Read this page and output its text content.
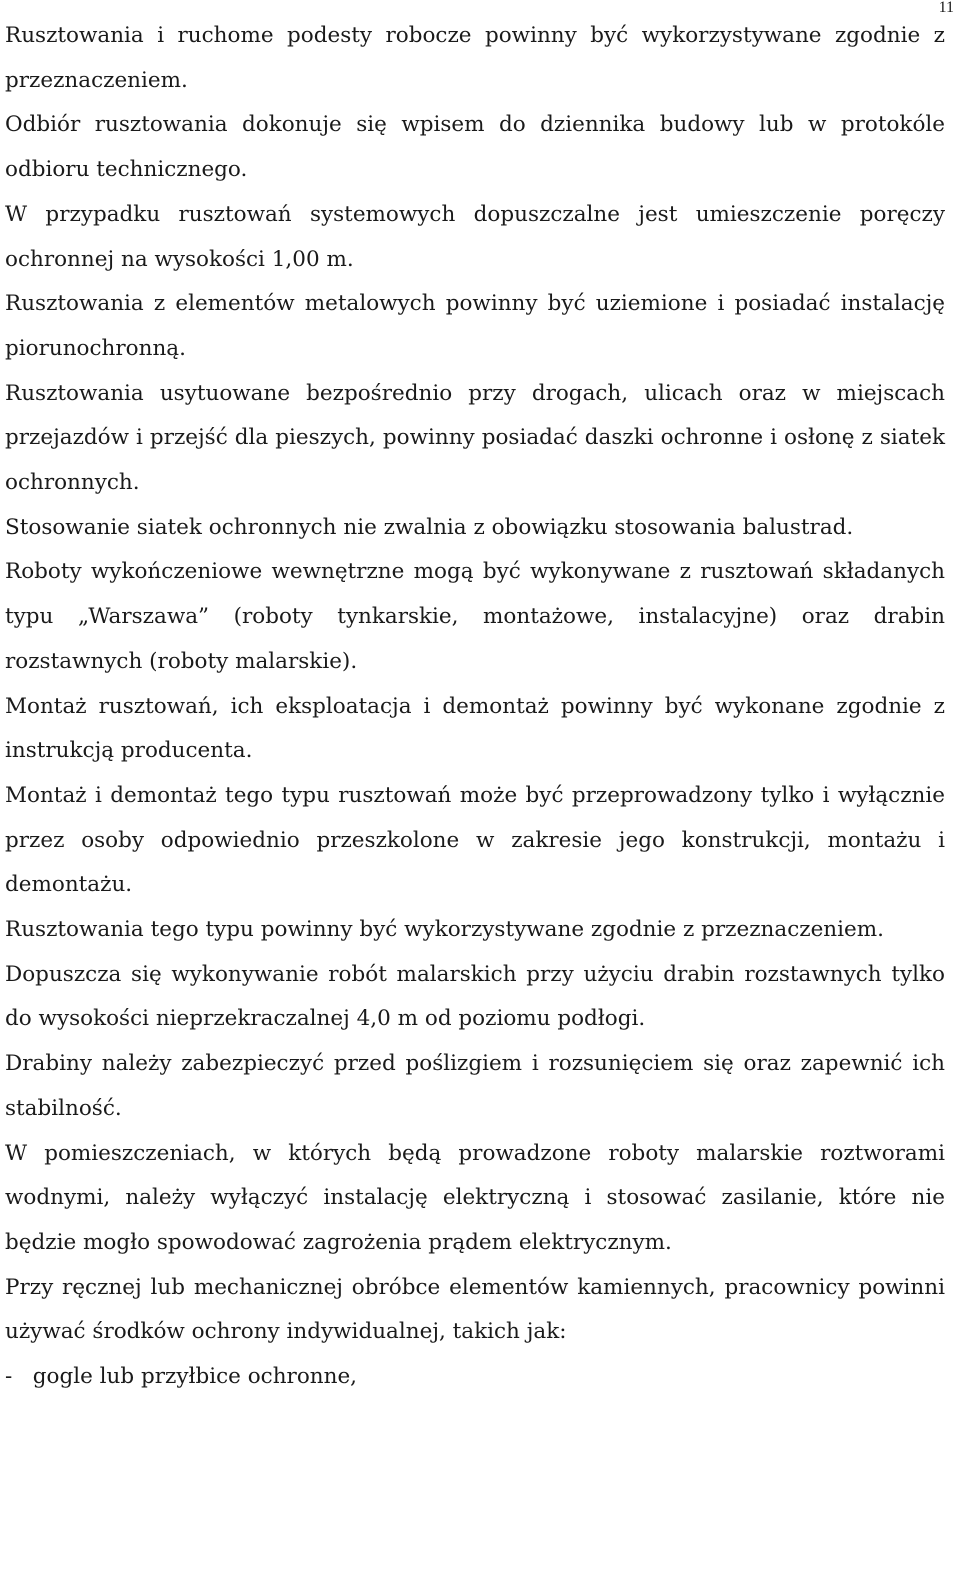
11

Rusztowania i ruchome podesty robocze powinny być wykorzystywane zgodnie z przeznaczeniem.

Odbiór rusztowania dokonuje się wpisem do dziennika budowy lub w protokóle odbioru technicznego.

W przypadku rusztowań systemowych dopuszczalne jest umieszczenie poręczy ochronnej na wysokości 1,00 m.

Rusztowania z elementów metalowych powinny być uziemione i posiadać instalację piorunochronną.

Rusztowania usytuowane bezpośrednio przy drogach, ulicach oraz w miejscach przejazdów i przejść dla pieszych, powinny posiadać daszki ochronne i osłonę z siatek ochronnych.

Stosowanie siatek ochronnych nie zwalnia z obowiązku stosowania balustrad.

Roboty wykończeniowe wewnętrzne mogą być wykonywane z rusztowań składanych typu „Warszawa” (roboty tynkarskie, montażowe, instalacyjne) oraz drabin rozstawnych (roboty malarskie).

Montaż rusztowań, ich eksploatacja i demontaż powinny być wykonane zgodnie z instrukcją producenta.

Montaż i demontaż tego typu rusztowań może być przeprowadzony tylko i wyłącznie przez osoby odpowiednio przeszkolone w zakresie jego konstrukcji, montażu i demontażu.

Rusztowania tego typu powinny być wykorzystywane zgodnie z przeznaczeniem.

Dopuszcza się wykonywanie robót malarskich przy użyciu drabin rozstawnych tylko do wysokości nieprzekraczalnej 4,0 m od poziomu podłogi.

Drabiny należy zabezpieczyć przed poślizgiem i rozsunięciem się oraz zapewnić ich stabilność.

W pomieszczeniach, w których będą prowadzone roboty malarskie roztworami wodnymi, należy wyłączyć instalację elektryczną i stosować zasilanie, które nie będzie mogło spowodować zagrożenia prądem elektrycznym.

Przy ręcznej lub mechanicznej obróbce elementów kamiennych, pracownicy powinni używać środków ochrony indywidualnej, takich jak:

-   gogle lub przyłbice ochronne,
